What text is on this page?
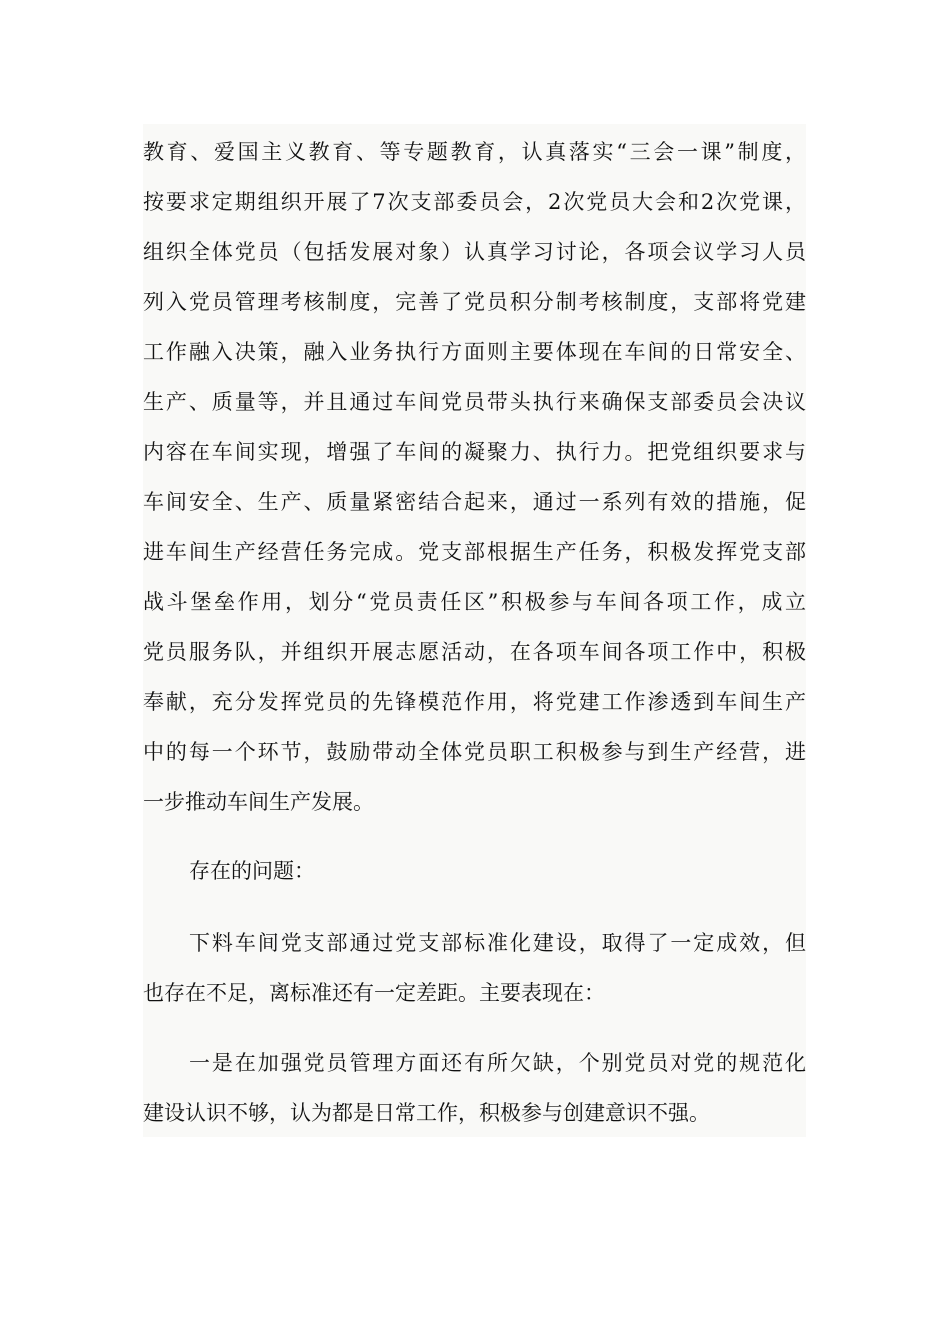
教育、爱国主义教育、等专题教育，认真落实“三会一课”制度，
按要求定期组织开展了7次支部委员会，2次党员大会和2次党课，
组织全体党员（包括发展对象）认真学习讨论，各项会议学习人员
列入党员管理考核制度，完善了党员积分制考核制度，支部将党建
工作融入决策，融入业务执行方面则主要体现在车间的日常安全、
生产、质量等，并且通过车间党员带头执行来确保支部委员会决议
内容在车间实现，增强了车间的凝聚力、执行力。把党组织要求与
车间安全、生产、质量紧密结合起来，通过一系列有效的措施，促
进车间生产经营任务完成。党支部根据生产任务，积极发挥党支部
战斗堡垒作用，划分“党员责任区”积极参与车间各项工作，成立
党员服务队，并组织开展志愿活动，在各项车间各项工作中，积极
奉献，充分发挥党员的先锋模范作用，将党建工作渗透到车间生产
中的每一个环节，鼓励带动全体党员职工积极参与到生产经营，进
一步推动车间生产发展。
存在的问题：
下料车间党支部通过党支部标准化建设，取得了一定成效，但
也存在不足，离标准还有一定差距。主要表现在：
一是在加强党员管理方面还有所欠缺，个别党员对党的规范化
建设认识不够，认为都是日常工作，积极参与创建意识不强。
